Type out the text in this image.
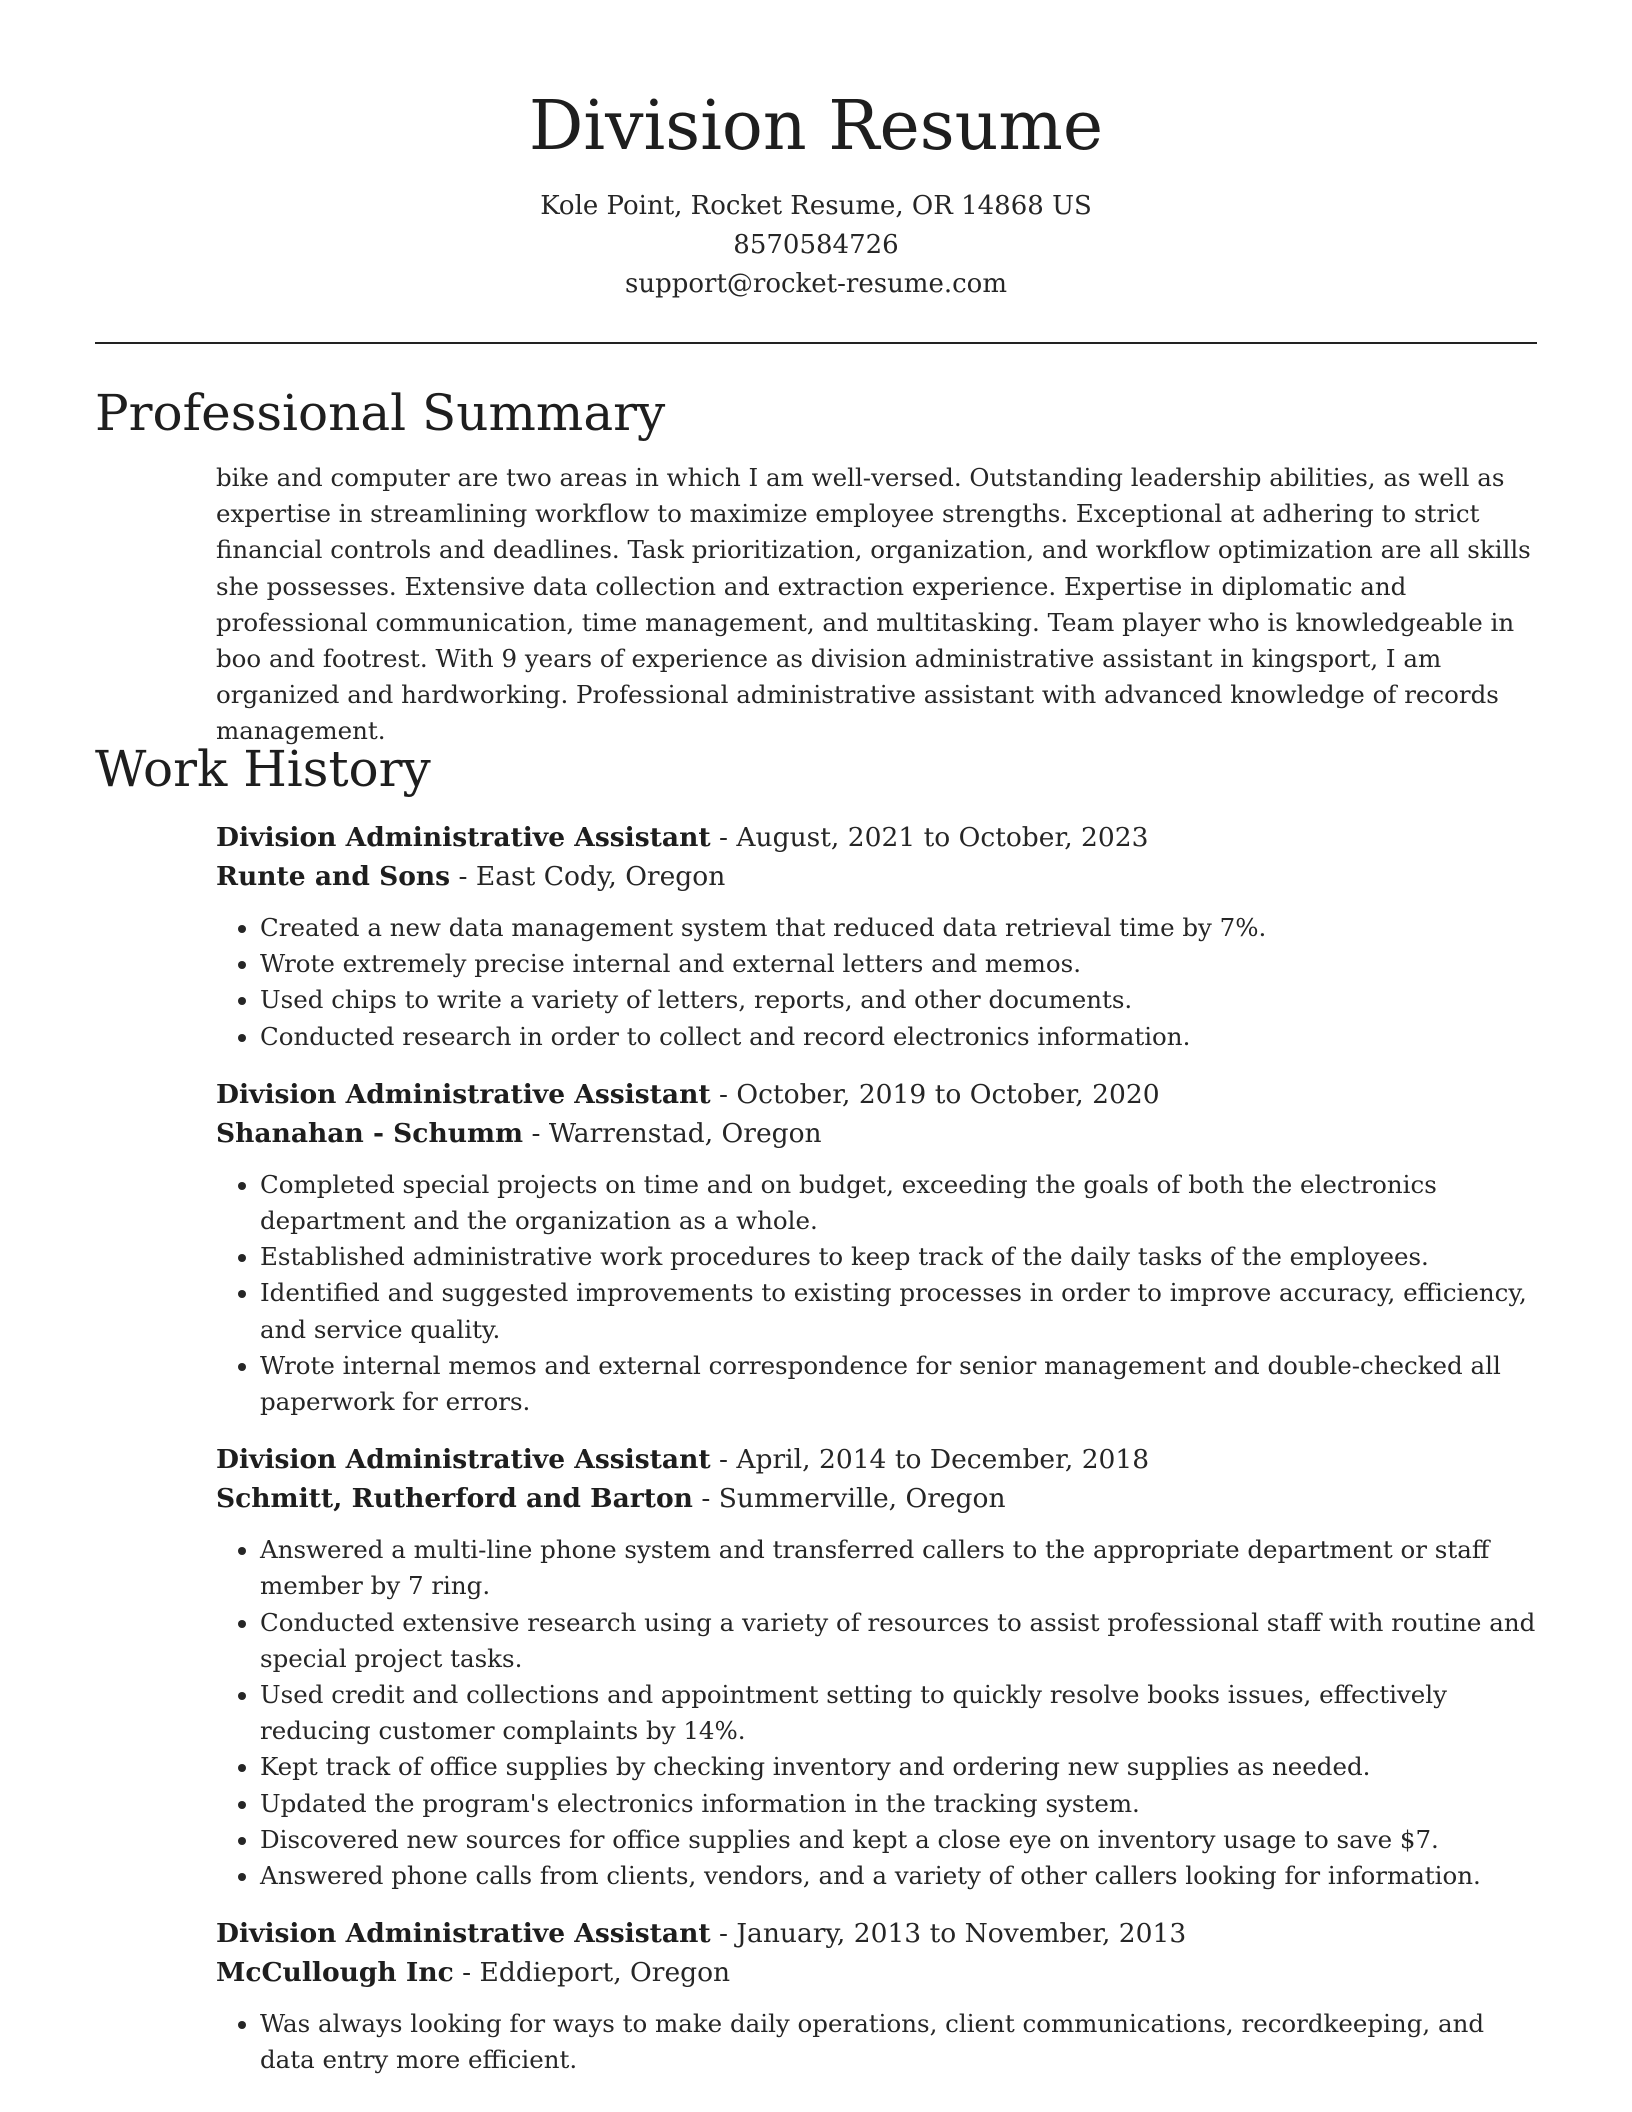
Division Resume
Kole Point, Rocket Resume, OR 14868 US
8570584726
support@rocket-resume.com
Professional Summary

bike and computer are two areas in which I am well-versed. Outstanding leadership abilities, as well as expertise in streamlining workflow to maximize employee strengths. Exceptional at adhering to strict financial controls and deadlines. Task prioritization, organization, and workflow optimization are all skills she possesses. Extensive data collection and extraction experience. Expertise in diplomatic and professional communication, time management, and multitasking. Team player who is knowledgeable in boo and footrest. With 9 years of experience as division administrative assistant in kingsport, I am organized and hardworking. Professional administrative assistant with advanced knowledge of records management.

Work History
Division Administrative Assistant - August, 2021 to October, 2023
Runte and Sons - East Cody, Oregon
• Created a new data management system that reduced data retrieval time by 7%.
• Wrote extremely precise internal and external letters and memos.
• Used chips to write a variety of letters, reports, and other documents.
• Conducted research in order to collect and record electronics information.
Division Administrative Assistant - October, 2019 to October, 2020
Shanahan - Schumm - Warrenstad, Oregon
• Completed special projects on time and on budget, exceeding the goals of both the electronics department and the organization as a whole.
• Established administrative work procedures to keep track of the daily tasks of the employees.
• Identified and suggested improvements to existing processes in order to improve accuracy, efficiency, and service quality.
• Wrote internal memos and external correspondence for senior management and double-checked all paperwork for errors.
Division Administrative Assistant - April, 2014 to December, 2018
Schmitt, Rutherford and Barton - Summerville, Oregon
• Answered a multi-line phone system and transferred callers to the appropriate department or staff member by 7 ring.
• Conducted extensive research using a variety of resources to assist professional staff with routine and special project tasks.
• Used credit and collections and appointment setting to quickly resolve books issues, effectively reducing customer complaints by 14%.
• Kept track of office supplies by checking inventory and ordering new supplies as needed.
• Updated the program's electronics information in the tracking system.
• Discovered new sources for office supplies and kept a close eye on inventory usage to save $7.
• Answered phone calls from clients, vendors, and a variety of other callers looking for information.
Division Administrative Assistant - January, 2013 to November, 2013
McCullough Inc - Eddieport, Oregon
• Was always looking for ways to make daily operations, client communications, recordkeeping, and data entry more efficient.
